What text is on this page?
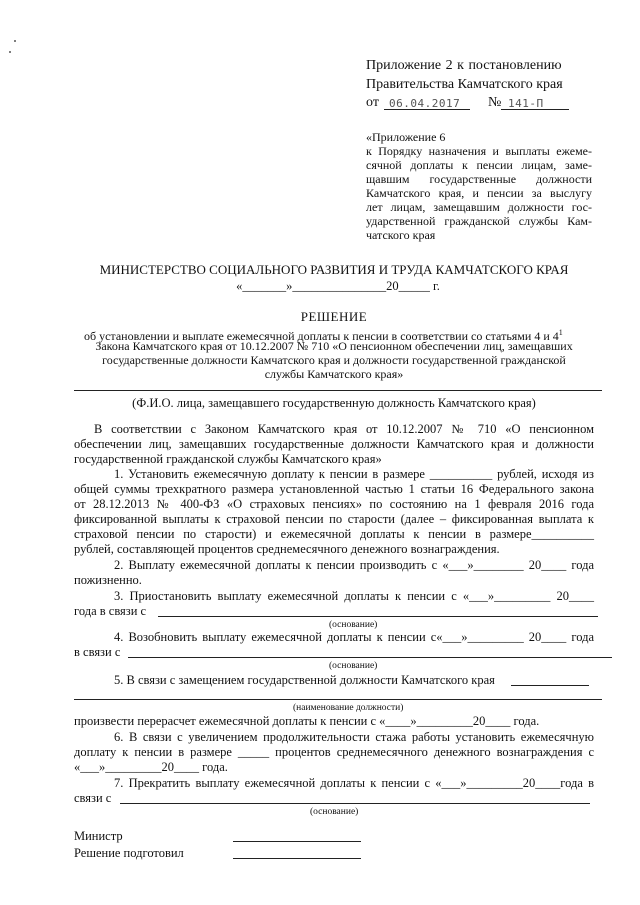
Приложение 2 к постановлению
Правительства Камчатского края
от 06.04.2017 № 141-П
«Приложение 6
к Порядку назначения и выплаты ежеме-
сячной доплаты к пенсии лицам, заме-
щавшим государственные должности
Камчатского края, и пенсии за выслугу
лет лицам, замещавшим должности гос-
ударственной гражданской службы Кам-
чатского края
МИНИСТЕРСТВО СОЦИАЛЬНОГО РАЗВИТИЯ И ТРУДА КАМЧАТСКОГО КРАЯ
«_______»_______________20_____ г.
РЕШЕНИЕ
об установлении и выплате ежемесячной доплаты к пенсии в соответствии со статьями 4 и $4^1$
Закона Камчатского края от 10.12.2007 № 710 «О пенсионном обеспечении лиц, замещавших
государственные должности Камчатского края и должности государственной гражданской
службы Камчатского края»
(Ф.И.О. лица, замещавшего государственную должность Камчатского края)
В соответствии с Законом Камчатского края от 10.12.2007 № 710 «О пенсионном
обеспечении лиц, замещавших государственные должности Камчатского края и должности
государственной гражданской службы Камчатского края»
1. Установить ежемесячную доплату к пенсии в размере __________ рублей, исходя из
общей суммы трехкратного размера установленной частью 1 статьи 16 Федерального закона
от 28.12.2013 № 400-ФЗ «О страховых пенсиях» по состоянию на 1 февраля 2016 года
фиксированной выплаты к страховой пенсии по старости (далее – фиксированная выплата к
страховой пенсии по старости) и ежемесячной доплаты к пенсии в размере__________
рублей, составляющей процентов среднемесячного денежного вознаграждения.
2. Выплату ежемесячной доплаты к пенсии производить с «___»________ 20____ года
пожизненно.
3. Приостановить выплату ежемесячной доплаты к пенсии с «___»_________ 20____
года в связи с
(основание)
4. Возобновить выплату ежемесячной доплаты к пенсии с«___»_________ 20____ года
в связи с
(основание)
5. В связи с замещением государственной должности Камчатского края
(наименование должности)
произвести перерасчет ежемесячной доплаты к пенсии с «____»_________20____ года.
6. В связи с увеличением продолжительности стажа работы установить ежемесячную
доплату к пенсии в размере _____ процентов среднемесячного денежного вознаграждения с
«___»_________20____ года.
7. Прекратить выплату ежемесячной доплаты к пенсии с «___»_________20____года в
связи с
(основание)
Министр
Решение подготовил
